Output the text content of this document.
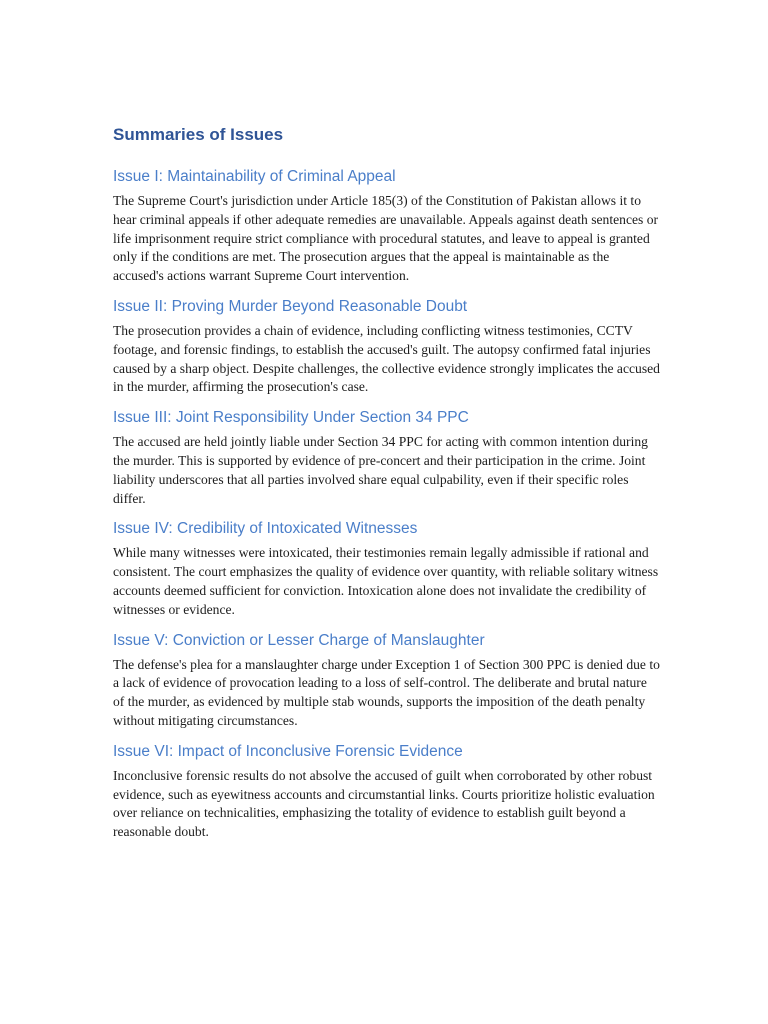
Summaries of Issues
Issue I: Maintainability of Criminal Appeal

The Supreme Court's jurisdiction under Article 185(3) of the Constitution of Pakistan allows it to hear criminal appeals if other adequate remedies are unavailable. Appeals against death sentences or life imprisonment require strict compliance with procedural statutes, and leave to appeal is granted only if the conditions are met. The prosecution argues that the appeal is maintainable as the accused's actions warrant Supreme Court intervention.

Issue II: Proving Murder Beyond Reasonable Doubt

The prosecution provides a chain of evidence, including conflicting witness testimonies, CCTV footage, and forensic findings, to establish the accused's guilt. The autopsy confirmed fatal injuries caused by a sharp object. Despite challenges, the collective evidence strongly implicates the accused in the murder, affirming the prosecution's case.

Issue III: Joint Responsibility Under Section 34 PPC

The accused are held jointly liable under Section 34 PPC for acting with common intention during the murder. This is supported by evidence of pre-concert and their participation in the crime. Joint liability underscores that all parties involved share equal culpability, even if their specific roles differ.

Issue IV: Credibility of Intoxicated Witnesses

While many witnesses were intoxicated, their testimonies remain legally admissible if rational and consistent. The court emphasizes the quality of evidence over quantity, with reliable solitary witness accounts deemed sufficient for conviction. Intoxication alone does not invalidate the credibility of witnesses or evidence.

Issue V: Conviction or Lesser Charge of Manslaughter

The defense's plea for a manslaughter charge under Exception 1 of Section 300 PPC is denied due to a lack of evidence of provocation leading to a loss of self-control. The deliberate and brutal nature of the murder, as evidenced by multiple stab wounds, supports the imposition of the death penalty without mitigating circumstances.

Issue VI: Impact of Inconclusive Forensic Evidence

Inconclusive forensic results do not absolve the accused of guilt when corroborated by other robust evidence, such as eyewitness accounts and circumstantial links. Courts prioritize holistic evaluation over reliance on technicalities, emphasizing the totality of evidence to establish guilt beyond a reasonable doubt.
